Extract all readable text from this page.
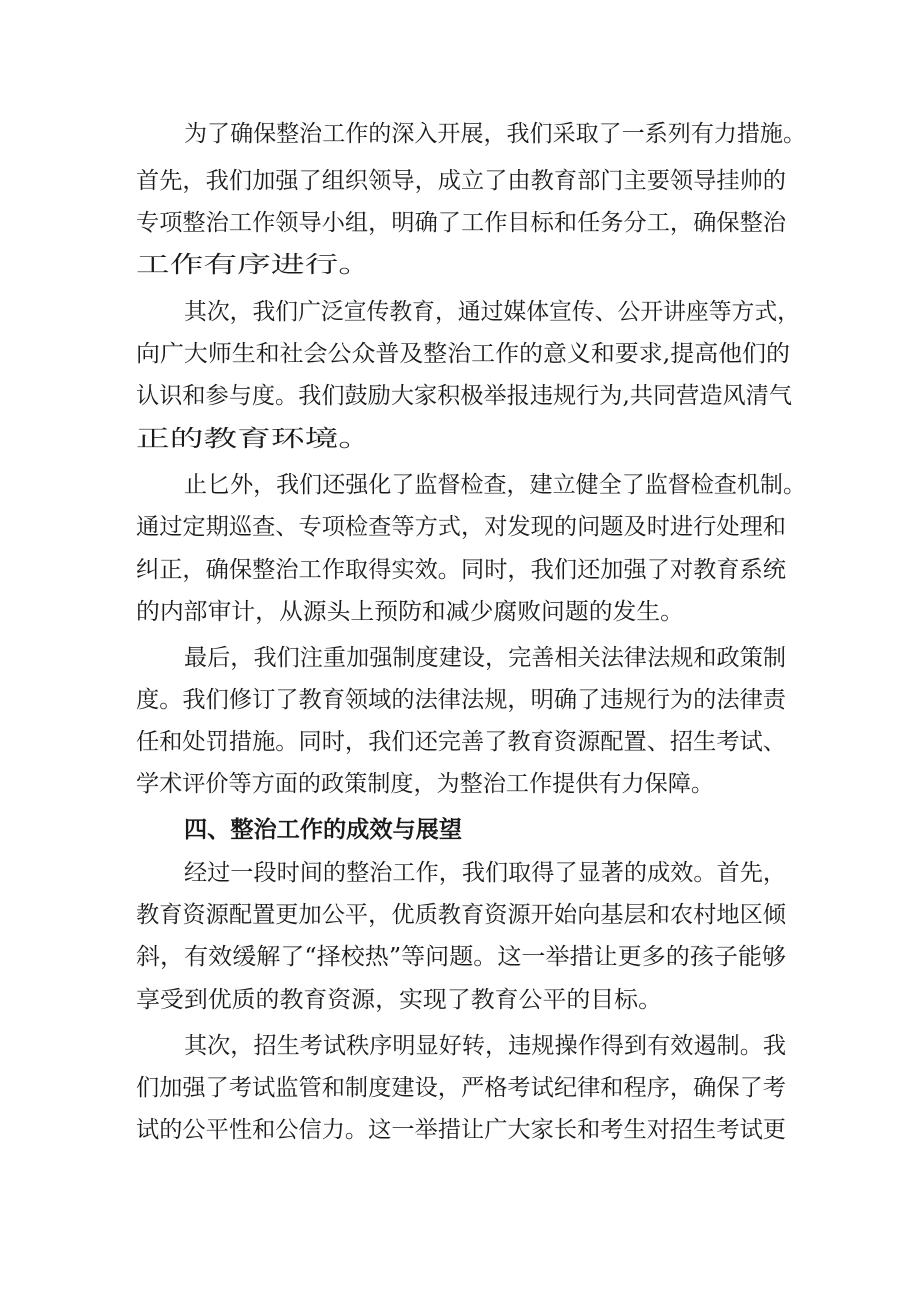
为了确保整治工作的深入开展，我们采取了一系列有力措施。
首先，我们加强了组织领导，成立了由教育部门主要领导挂帅的
专项整治工作领导小组，明确了工作目标和任务分工，确保整治
工作有序进行。
其次，我们广泛宣传教育，通过媒体宣传、公开讲座等方式，
向广大师生和社会公众普及整治工作的意义和要求,提高他们的
认识和参与度。我们鼓励大家积极举报违规行为,共同营造风清气
正的教育环境。
止匕外，我们还强化了监督检查，建立健全了监督检查机制。
通过定期巡查、专项检查等方式，对发现的问题及时进行处理和
纠正，确保整治工作取得实效。同时，我们还加强了对教育系统
的内部审计，从源头上预防和减少腐败问题的发生。
最后，我们注重加强制度建设，完善相关法律法规和政策制
度。我们修订了教育领域的法律法规，明确了违规行为的法律责
任和处罚措施。同时，我们还完善了教育资源配置、招生考试、
学术评价等方面的政策制度，为整治工作提供有力保障。
四、整治工作的成效与展望
经过一段时间的整治工作，我们取得了显著的成效。首先，
教育资源配置更加公平，优质教育资源开始向基层和农村地区倾
斜，有效缓解了“择校热”等问题。这一举措让更多的孩子能够
享受到优质的教育资源，实现了教育公平的目标。
其次，招生考试秩序明显好转，违规操作得到有效遏制。我
们加强了考试监管和制度建设，严格考试纪律和程序，确保了考
试的公平性和公信力。这一举措让广大家长和考生对招生考试更
